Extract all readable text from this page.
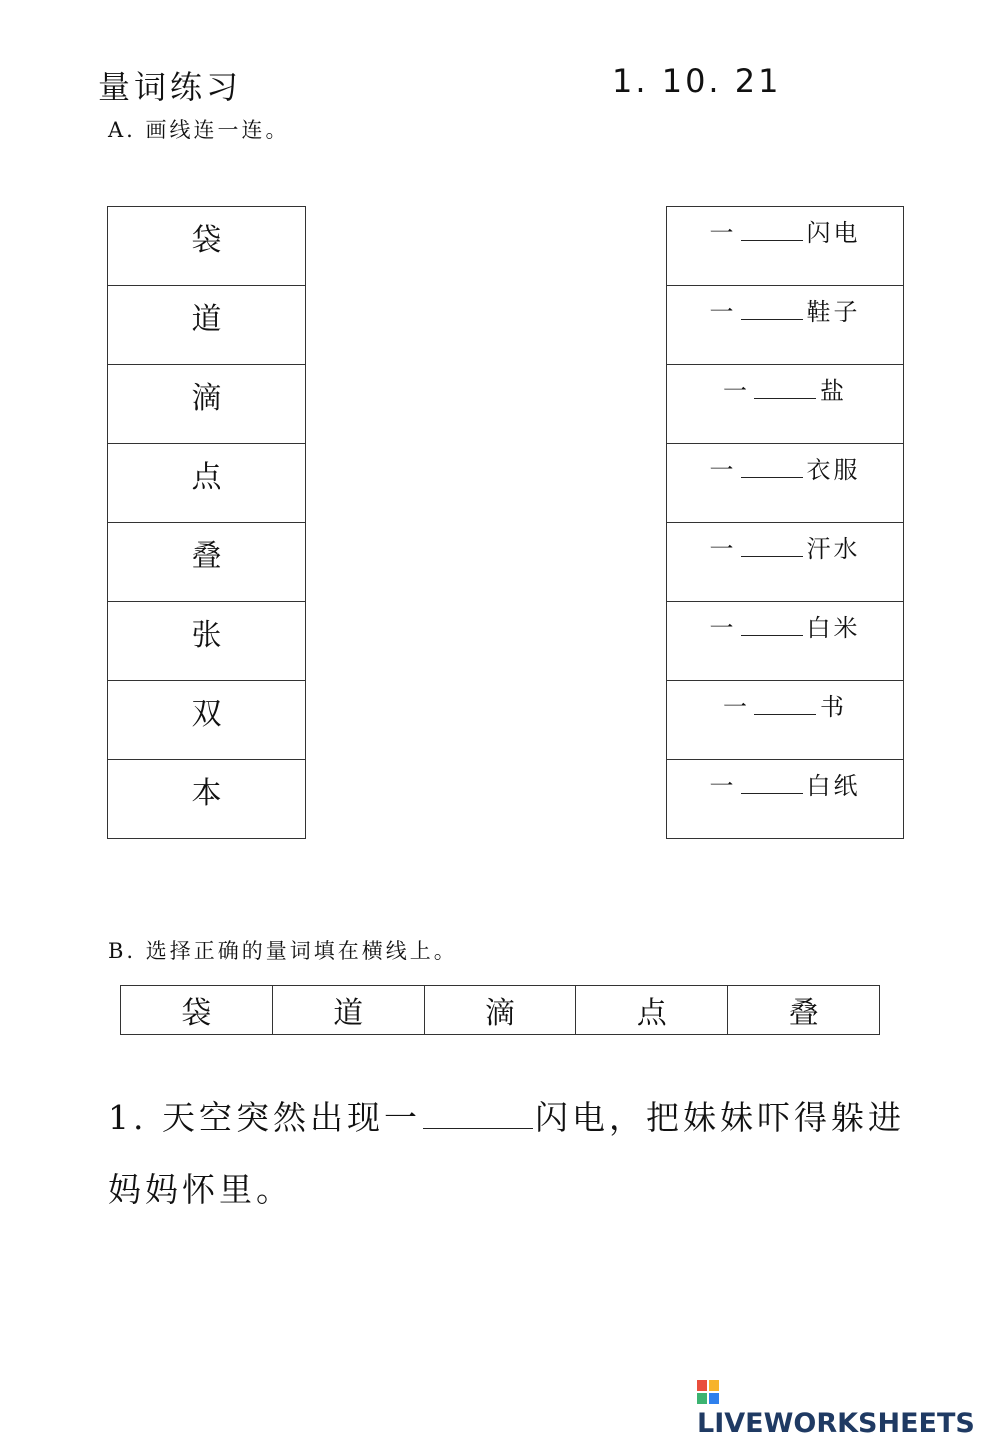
量词练习	1. 10. 21
A. 画线连一连。
袋
道
滴
点
叠
张
双
本
一	闪电
一	鞋子
一	盐
一	衣服
一	汗水
一	白米
一	书
一	白纸
B. 选择正确的量词填在横线上。
袋	道	滴	点	叠
1. 天空突然出现一	闪电，把妹妹吓得躲进妈妈怀里。
LIVEWORKSHEETS
